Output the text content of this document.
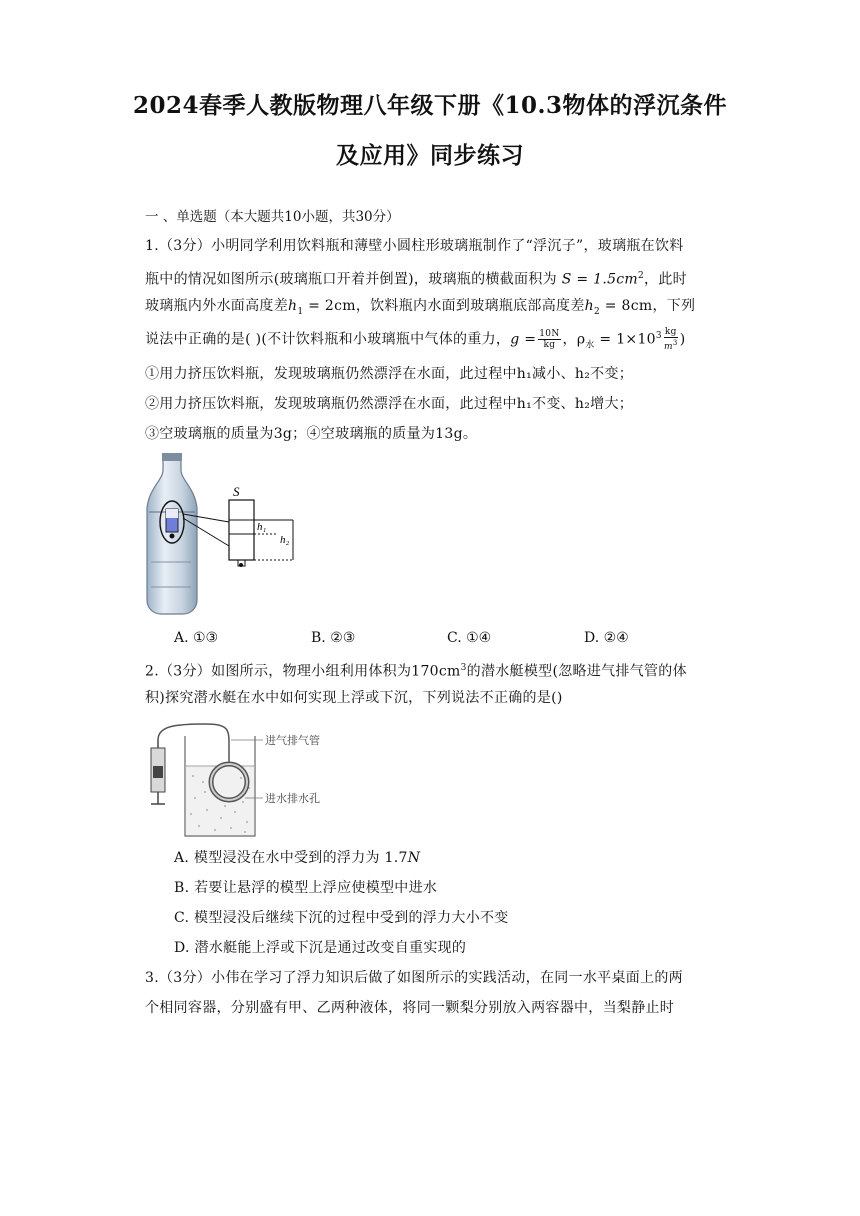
2024春季人教版物理八年级下册《10.3物体的浮沉条件
及应用》同步练习
一 、单选题（本大题共10小题，共30分）
1.（3分）小明同学利用饮料瓶和薄壁小圆柱形玻璃瓶制作了“浮沉子”，玻璃瓶在饮料
瓶中的情况如图所示(玻璃瓶口开着并倒置)，玻璃瓶的横截面积为 $S = 1.5cm^2$，此时
玻璃瓶内外水面高度差$h_1 = 2cm$，饮料瓶内水面到玻璃瓶底部高度差$h_2 = 8cm$，下列
说法中正确的是( )(不计饮料瓶和小玻璃瓶中气体的重力，$g = \frac{10N}{kg}$ ，$\rho_水 = 1\times 10^3 \frac{kg}{m^3}$ )
①用力挤压饮料瓶，发现玻璃瓶仍然漂浮在水面，此过程中h₁减小、h₂不变；
②用力挤压饮料瓶，发现玻璃瓶仍然漂浮在水面，此过程中h₁不变、h₂增大；
③空玻璃瓶的质量为3g；④空玻璃瓶的质量为13g。
S
h₁
h₂
A. ①③	B. ②③	C. ①④	D. ②④
2.（3分）如图所示，物理小组利用体积为$170cm^3$的潜水艇模型(忽略进气排气管的体
积)探究潜水艇在水中如何实现上浮或下沉，下列说法不正确的是()
进气排气管
进水排水孔
A. 模型浸没在水中受到的浮力为 1.7N
B. 若要让悬浮的模型上浮应使模型中进水
C. 模型浸没后继续下沉的过程中受到的浮力大小不变
D. 潜水艇能上浮或下沉是通过改变自重实现的
3.（3分）小伟在学习了浮力知识后做了如图所示的实践活动，在同一水平桌面上的两
个相同容器，分别盛有甲、乙两种液体，将同一颗梨分别放入两容器中，当梨静止时
